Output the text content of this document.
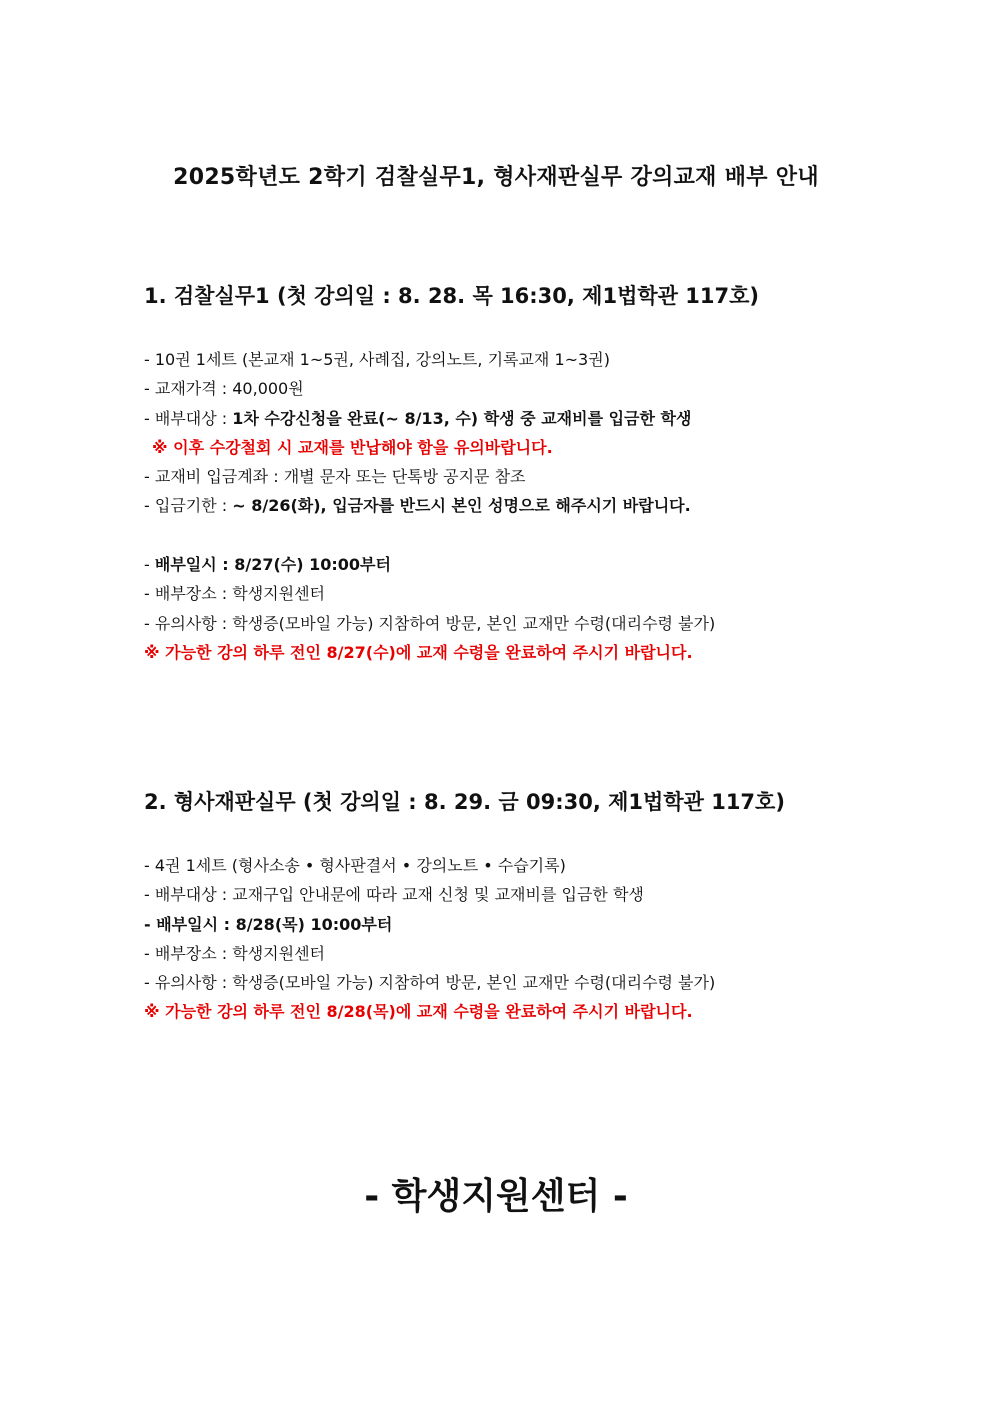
2025학년도 2학기 검찰실무1, 형사재판실무 강의교재 배부 안내
1. 검찰실무1 (첫 강의일 : 8. 28. 목 16:30, 제1법학관 117호)
- 10권 1세트 (본교재 1~5권, 사례집, 강의노트, 기록교재 1~3권)
- 교재가격 : 40,000원
- 배부대상 : 1차 수강신청을 완료(~ 8/13, 수) 학생 중 교재비를 입금한 학생
※ 이후 수강철회 시 교재를 반납해야 함을 유의바랍니다.
- 교재비 입금계좌 : 개별 문자 또는 단톡방 공지문 참조
- 입금기한 : ~ 8/26(화), 입금자를 반드시 본인 성명으로 해주시기 바랍니다.
- 배부일시 : 8/27(수) 10:00부터
- 배부장소 : 학생지원센터
- 유의사항 : 학생증(모바일 가능) 지참하여 방문, 본인 교재만 수령(대리수령 불가)
※ 가능한 강의 하루 전인 8/27(수)에 교재 수령을 완료하여 주시기 바랍니다.
2. 형사재판실무 (첫 강의일 : 8. 29. 금 09:30, 제1법학관 117호)
- 4권 1세트 (형사소송 • 형사판결서 • 강의노트 • 수습기록)
- 배부대상 : 교재구입 안내문에 따라 교재 신청 및 교재비를 입금한 학생
- 배부일시 : 8/28(목) 10:00부터
- 배부장소 : 학생지원센터
- 유의사항 : 학생증(모바일 가능) 지참하여 방문, 본인 교재만 수령(대리수령 불가)
※ 가능한 강의 하루 전인 8/28(목)에 교재 수령을 완료하여 주시기 바랍니다.
- 학생지원센터 -
